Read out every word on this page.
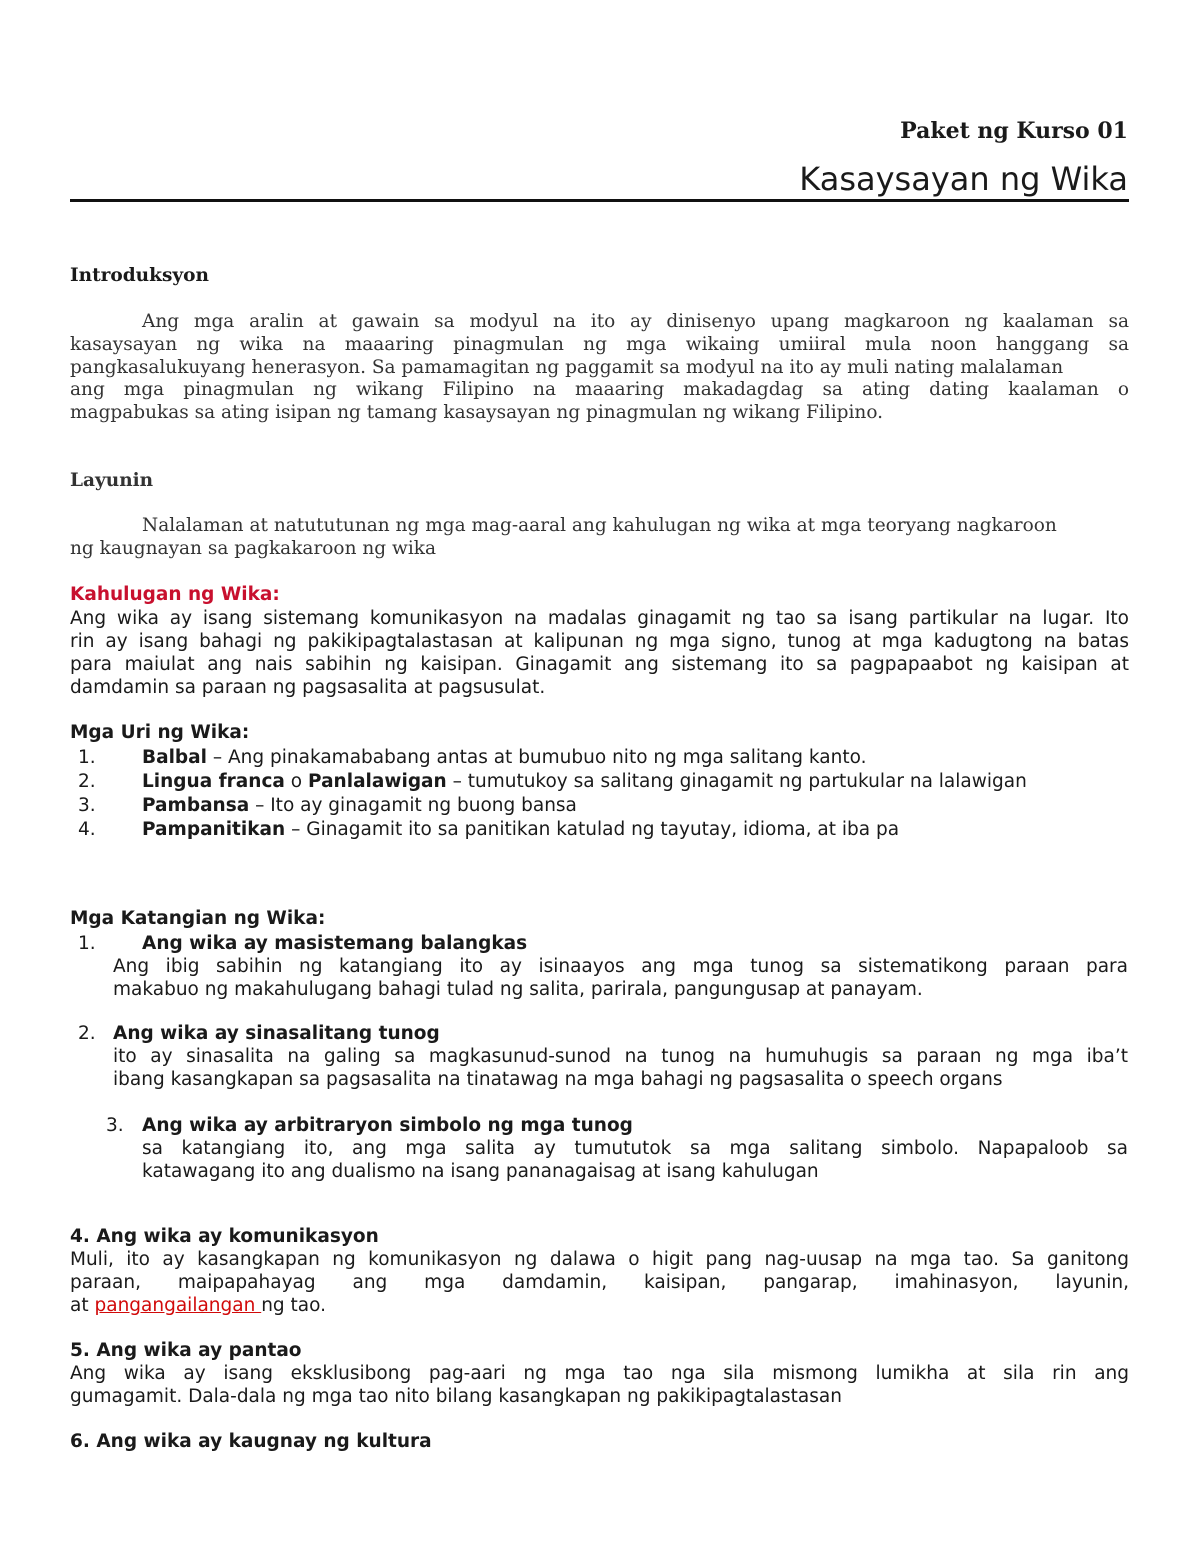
Paket ng Kurso 01
Kasaysayan ng Wika
Introduksyon
Ang mga aralin at gawain sa modyul na ito ay dinisenyo upang magkaroon ng kaalaman sa
kasaysayan ng wika na maaaring pinagmulan ng mga wikaing umiiral mula noon hanggang sa
pangkasalukuyang henerasyon. Sa pamamagitan ng paggamit sa modyul na ito ay muli nating malalaman
ang mga pinagmulan ng wikang Filipino na maaaring makadagdag sa ating dating kaalaman o
magpabukas sa ating isipan ng tamang kasaysayan ng pinagmulan ng wikang Filipino.
Layunin
Nalalaman at natututunan ng mga mag-aaral ang kahulugan ng wika at mga teoryang nagkaroon
ng kaugnayan sa pagkakaroon ng wika
Kahulugan ng Wika:
Ang wika ay isang sistemang komunikasyon na madalas ginagamit ng tao sa isang partikular na lugar. Ito
rin ay isang bahagi ng pakikipagtalastasan at kalipunan ng mga signo, tunog at mga kadugtong na batas
para maiulat ang nais sabihin ng kaisipan. Ginagamit ang sistemang ito sa pagpapaabot ng kaisipan at
damdamin sa paraan ng pagsasalita at pagsusulat.
Mga Uri ng Wika:
1.	Balbal – Ang pinakamababang antas at bumubuo nito ng mga salitang kanto.
2.	Lingua franca o Panlalawigan – tumutukoy sa salitang ginagamit ng partukular na lalawigan
3.	Pambansa – Ito ay ginagamit ng buong bansa
4.	Pampanitikan – Ginagamit ito sa panitikan katulad ng tayutay, idioma, at iba pa
Mga Katangian ng Wika:
1.	Ang wika ay masistemang balangkas
Ang ibig sabihin ng katangiang ito ay isinaayos ang mga tunog sa sistematikong paraan para
makabuo ng makahulugang bahagi tulad ng salita, parirala, pangungusap at panayam.
2. Ang wika ay sinasalitang tunog
ito ay sinasalita na galing sa magkasunud-sunod na tunog na humuhugis sa paraan ng mga iba’t
ibang kasangkapan sa pagsasalita na tinatawag na mga bahagi ng pagsasalita o speech organs
3. Ang wika ay arbitraryon simbolo ng mga tunog
sa katangiang ito, ang mga salita ay tumututok sa mga salitang simbolo. Napapaloob sa
katawagang ito ang dualismo na isang pananagaisag at isang kahulugan
4. Ang wika ay komunikasyon
Muli, ito ay kasangkapan ng komunikasyon ng dalawa o higit pang nag-uusap na mga tao. Sa ganitong
paraan, maipapahayag ang mga damdamin, kaisipan, pangarap, imahinasyon, layunin,
at pangangailangan ng tao.
5. Ang wika ay pantao
Ang wika ay isang eksklusibong pag-aari ng mga tao nga sila mismong lumikha at sila rin ang
gumagamit. Dala-dala ng mga tao nito bilang kasangkapan ng pakikipagtalastasan
6. Ang wika ay kaugnay ng kultura
